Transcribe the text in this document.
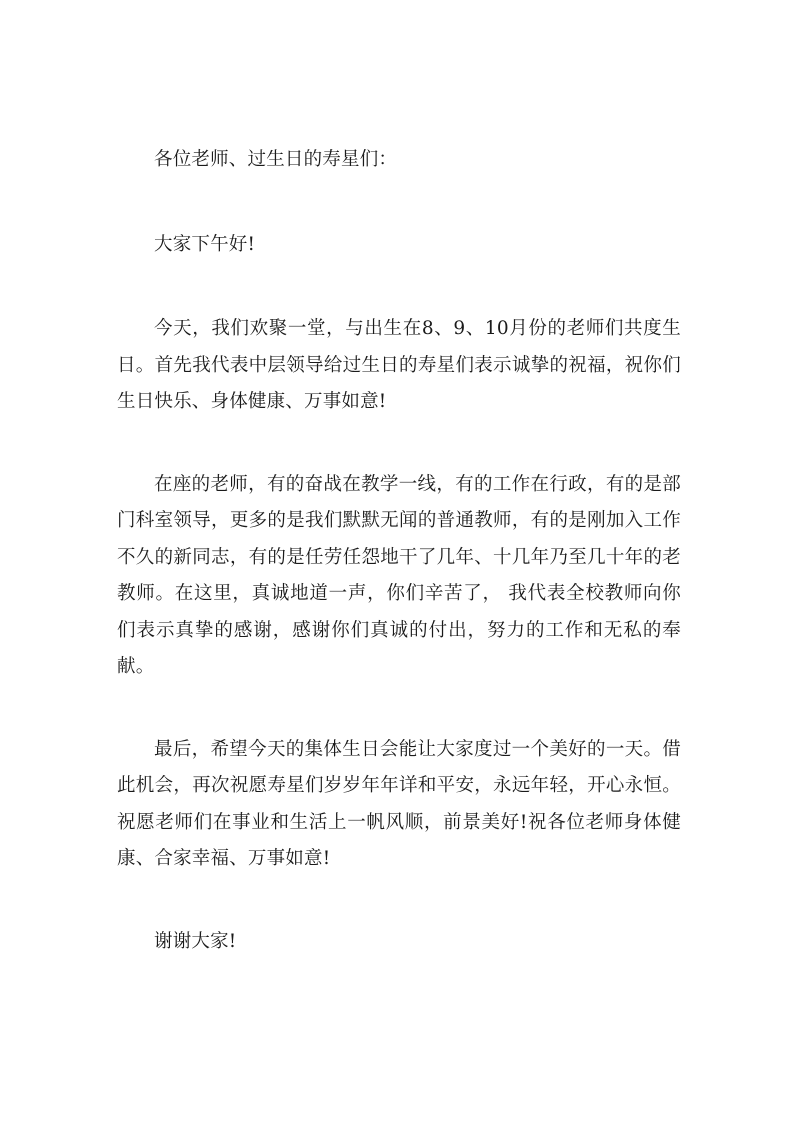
各位老师、过生日的寿星们：

大家下午好!

今天，我们欢聚一堂，与出生在8、9、10月份的老师们共度生日。首先我代表中层领导给过生日的寿星们表示诚挚的祝福，祝你们生日快乐、身体健康、万事如意!

在座的老师，有的奋战在教学一线，有的工作在行政，有的是部门科室领导，更多的是我们默默无闻的普通教师，有的是刚加入工作不久的新同志，有的是任劳任怨地干了几年、十几年乃至几十年的老教师。在这里，真诚地道一声，你们辛苦了， 我代表全校教师向你们表示真挚的感谢，感谢你们真诚的付出，努力的工作和无私的奉献。

最后，希望今天的集体生日会能让大家度过一个美好的一天。借此机会，再次祝愿寿星们岁岁年年详和平安，永远年轻，开心永恒。祝愿老师们在事业和生活上一帆风顺，前景美好!祝各位老师身体健康、合家幸福、万事如意!

谢谢大家!
